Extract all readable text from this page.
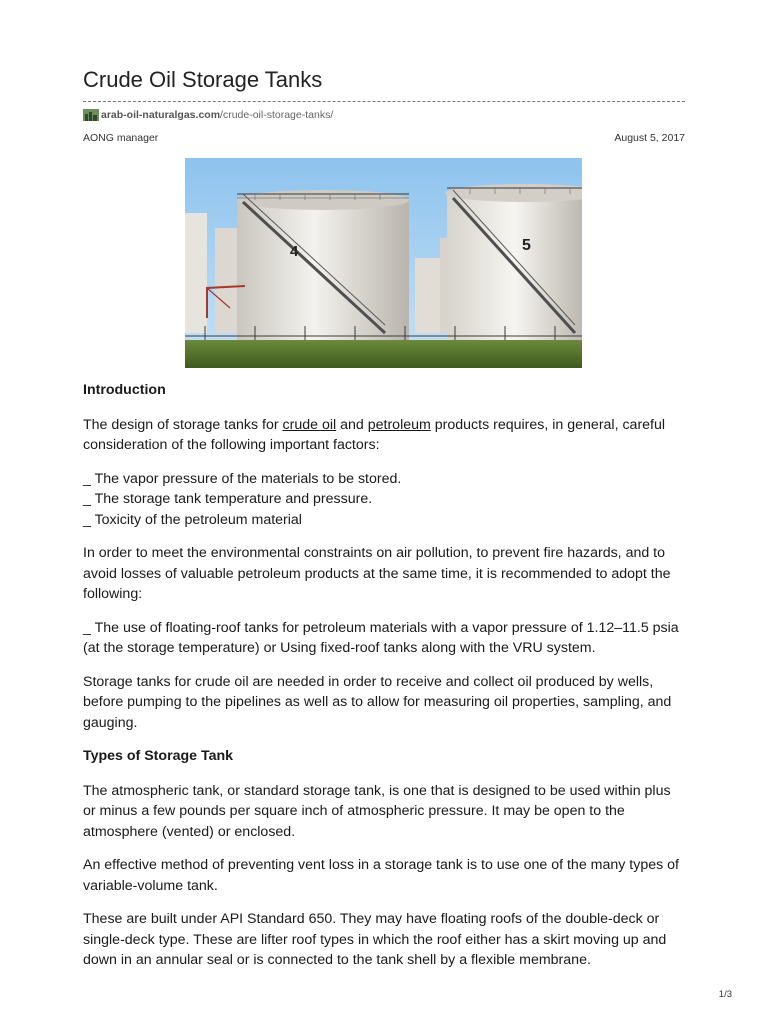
Crude Oil Storage Tanks
arab-oil-naturalgas.com /crude-oil-storage-tanks/
AONG manager	August 5, 2017
4	5
Introduction

The design of storage tanks for crude oil and petroleum products requires, in general, careful consideration of the following important factors:

_ The vapor pressure of the materials to be stored.
_ The storage tank temperature and pressure.
_ Toxicity of the petroleum material

In order to meet the environmental constraints on air pollution, to prevent fire hazards, and to avoid losses of valuable petroleum products at the same time, it is recommended to adopt the following:

_ The use of floating-roof tanks for petroleum materials with a vapor pressure of 1.12–11.5 psia (at the storage temperature) or Using fixed-roof tanks along with the VRU system.

Storage tanks for crude oil are needed in order to receive and collect oil produced by wells, before pumping to the pipelines as well as to allow for measuring oil properties, sampling, and gauging.

Types of Storage Tank

The atmospheric tank, or standard storage tank, is one that is designed to be used within plus or minus a few pounds per square inch of atmospheric pressure. It may be open to the atmosphere (vented) or enclosed.

An effective method of preventing vent loss in a storage tank is to use one of the many types of variable-volume tank.

These are built under API Standard 650. They may have floating roofs of the double-deck or single-deck type. These are lifter roof types in which the roof either has a skirt moving up and down in an annular seal or is connected to the tank shell by a flexible membrane.

1/3
